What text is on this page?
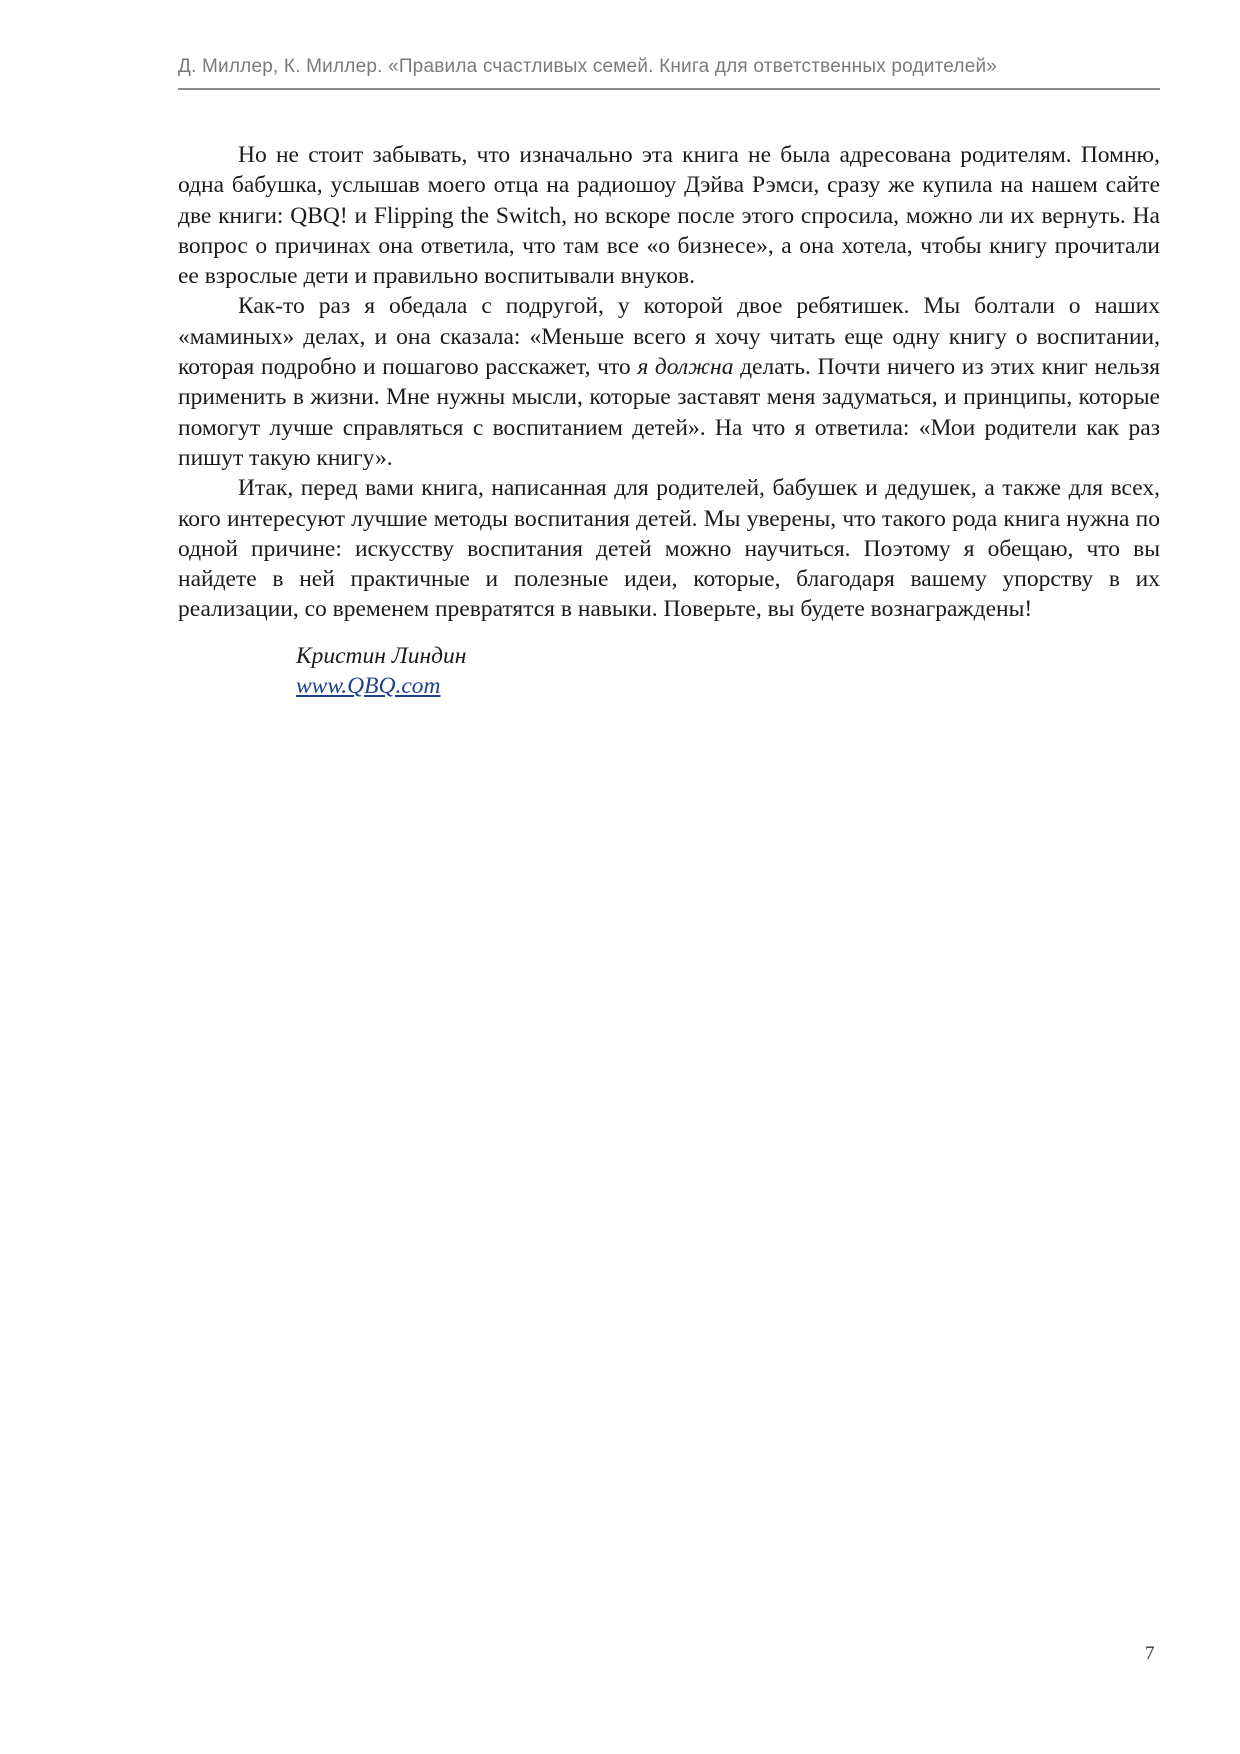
Д. Миллер, К. Миллер. «Правила счастливых семей. Книга для ответственных родителей»

Но не стоит забывать, что изначально эта книга не была адресована родителям. Помню, одна бабушка, услышав моего отца на радиошоу Дэйва Рэмси, сразу же купила на нашем сайте две книги: QBQ! и Flipping the Switch, но вскоре после этого спросила, можно ли их вернуть. На вопрос о причинах она ответила, что там все «о бизнесе», а она хотела, чтобы книгу прочитали ее взрослые дети и правильно воспитывали внуков.

Как-то раз я обедала с подругой, у которой двое ребятишек. Мы болтали о наших «маминых» делах, и она сказала: «Меньше всего я хочу читать еще одну книгу о воспитании, которая подробно и пошагово расскажет, что я должна делать. Почти ничего из этих книг нельзя применить в жизни. Мне нужны мысли, которые заставят меня задуматься, и принципы, которые помогут лучше справляться с воспитанием детей». На что я ответила: «Мои родители как раз пишут такую книгу».

Итак, перед вами книга, написанная для родителей, бабушек и дедушек, а также для всех, кого интересуют лучшие методы воспитания детей. Мы уверены, что такого рода книга нужна по одной причине: искусству воспитания детей можно научиться. Поэтому я обещаю, что вы найдете в ней практичные и полезные идеи, которые, благодаря вашему упорству в их реализации, со временем превратятся в навыки. Поверьте, вы будете вознаграждены!

Кристин Линдин
www.QBQ.com
7
